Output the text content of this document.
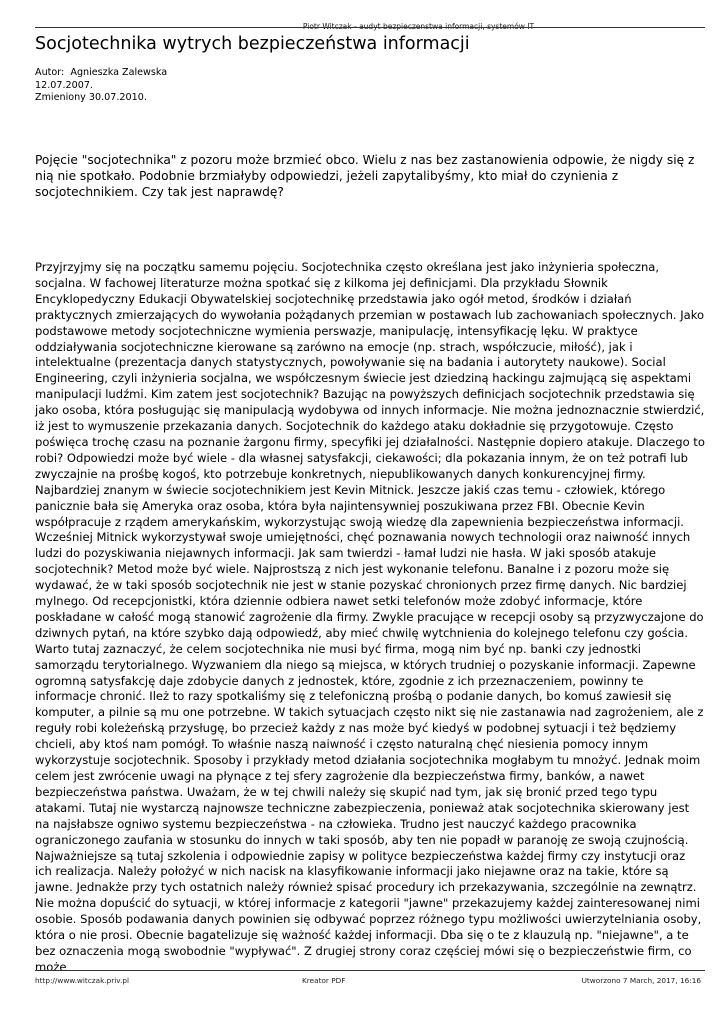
Piotr Witczak - audyt bezpieczenstwa informacji, systemów IT
Socjotechnika wytrych bezpieczeństwa informacji
Autor:  Agnieszka Zalewska
12.07.2007.
Zmieniony 30.07.2010.

Pojęcie "socjotechnika" z pozoru może brzmieć obco. Wielu z nas bez zastanowienia odpowie, że nigdy się z nią nie spotkało. Podobnie brzmiałyby odpowiedzi, jeżeli zapytalibyśmy, kto miał do czynienia z socjotechnikiem. Czy tak jest naprawdę?

Przyjrzyjmy się na początku samemu pojęciu. Socjotechnika często określana jest jako inżynieria społeczna, socjalna. W fachowej literaturze można spotkać się z kilkoma jej definicjami. Dla przykładu Słownik Encyklopedyczny Edukacji Obywatelskiej socjotechnikę przedstawia jako ogół metod, środków i działań praktycznych zmierzających do wywołania pożądanych przemian w postawach lub zachowaniach społecznych. Jako podstawowe metody socjotechniczne wymienia perswazje, manipulację, intensyfikację lęku. W praktyce oddziaływania socjotechniczne kierowane są zarówno na emocje (np. strach, współczucie, miłość), jak i intelektualne (prezentacja danych statystycznych, powoływanie się na badania i autorytety naukowe). Social Engineering, czyli inżynieria socjalna, we współczesnym świecie jest dziedziną hackingu zajmującą się aspektami manipulacji ludźmi. Kim zatem jest socjotechnik? Bazując na powyższych definicjach socjotechnik przedstawia się jako osoba, która posługując się manipulacją wydobywa od innych informacje. Nie można jednoznacznie stwierdzić, iż jest to wymuszenie przekazania danych. Socjotechnik do każdego ataku dokładnie się przygotowuje. Często poświęca trochę czasu na poznanie żargonu firmy, specyfiki jej działalności. Następnie dopiero atakuje. Dlaczego to robi? Odpowiedzi może być wiele - dla własnej satysfakcji, ciekawości; dla pokazania innym, że on też potrafi lub zwyczajnie na prośbę kogoś, kto potrzebuje konkretnych, niepublikowanych danych konkurencyjnej firmy. Najbardziej znanym w świecie socjotechnikiem jest Kevin Mitnick. Jeszcze jakiś czas temu - człowiek, którego panicznie bała się Ameryka oraz osoba, która była najintensywniej poszukiwana przez FBI. Obecnie Kevin współpracuje z rządem amerykańskim, wykorzystując swoją wiedzę dla zapewnienia bezpieczeństwa informacji. Wcześniej Mitnick wykorzystywał swoje umiejętności, chęć poznawania nowych technologii oraz naiwność innych ludzi do pozyskiwania niejawnych informacji. Jak sam twierdzi - łamał ludzi nie hasła. W jaki sposób atakuje socjotechnik? Metod może być wiele. Najprostszą z nich jest wykonanie telefonu. Banalne i z pozoru może się wydawać, że w taki sposób socjotechnik nie jest w stanie pozyskać chronionych przez firmę danych. Nic bardziej mylnego. Od recepcjonistki, która dziennie odbiera nawet setki telefonów może zdobyć informacje, które poskładane w całość mogą stanowić zagrożenie dla firmy. Zwykle pracujące w recepcji osoby są przyzwyczajone do dziwnych pytań, na które szybko dają odpowiedź, aby mieć chwilę wytchnienia do kolejnego telefonu czy gościa. Warto tutaj zaznaczyć, że celem socjotechnika nie musi być firma, mogą nim być np. banki czy jednostki samorządu terytorialnego. Wyzwaniem dla niego są miejsca, w których trudniej o pozyskanie informacji. Zapewne ogromną satysfakcję daje zdobycie danych z jednostek, które, zgodnie z ich przeznaczeniem, powinny te informacje chronić. Ileż to razy spotkaliśmy się z telefoniczną prośbą o podanie danych, bo komuś zawiesił się komputer, a pilnie są mu one potrzebne. W takich sytuacjach często nikt się nie zastanawia nad zagrożeniem, ale z reguły robi koleżeńską przysługę, bo przecież każdy z nas może być kiedyś w podobnej sytuacji i też będziemy chcieli, aby ktoś nam pomógł. To właśnie naszą naiwność i często naturalną chęć niesienia pomocy innym wykorzystuje socjotechnik. Sposoby i przykłady metod działania socjotechnika mogłabym tu mnożyć. Jednak moim celem jest zwrócenie uwagi na płynące z tej sfery zagrożenie dla bezpieczeństwa firmy, banków, a nawet bezpieczeństwa państwa. Uważam, że w tej chwili należy się skupić nad tym, jak się bronić przed tego typu atakami. Tutaj nie wystarczą najnowsze techniczne zabezpieczenia, ponieważ atak socjotechnika skierowany jest na najsłabsze ogniwo systemu bezpieczeństwa - na człowieka. Trudno jest nauczyć każdego pracownika ograniczonego zaufania w stosunku do innych w taki sposób, aby ten nie popadł w paranoję ze swoją czujnością. Najważniejsze są tutaj szkolenia i odpowiednie zapisy w polityce bezpieczeństwa każdej firmy czy instytucji oraz ich realizacja. Należy położyć w nich nacisk na klasyfikowanie informacji jako niejawne oraz na takie, które są jawne. Jednakże przy tych ostatnich należy również spisać procedury ich przekazywania, szczególnie na zewnątrz. Nie można dopuścić do sytuacji, w której informacje z kategorii "jawne" przekazujemy każdej zainteresowanej nimi osobie. Sposób podawania danych powinien się odbywać poprzez różnego typu możliwości uwierzytelniania osoby, która o nie prosi. Obecnie bagatelizuje się ważność każdej informacji. Dba się o te z klauzulą np. "niejawne", a te bez oznaczenia mogą swobodnie "wypływać". Z drugiej strony coraz częściej mówi się o bezpieczeństwie firm, co może

http://www.witczak.priv.pl	Kreator PDF	Utworzono 7 March, 2017, 16:16
